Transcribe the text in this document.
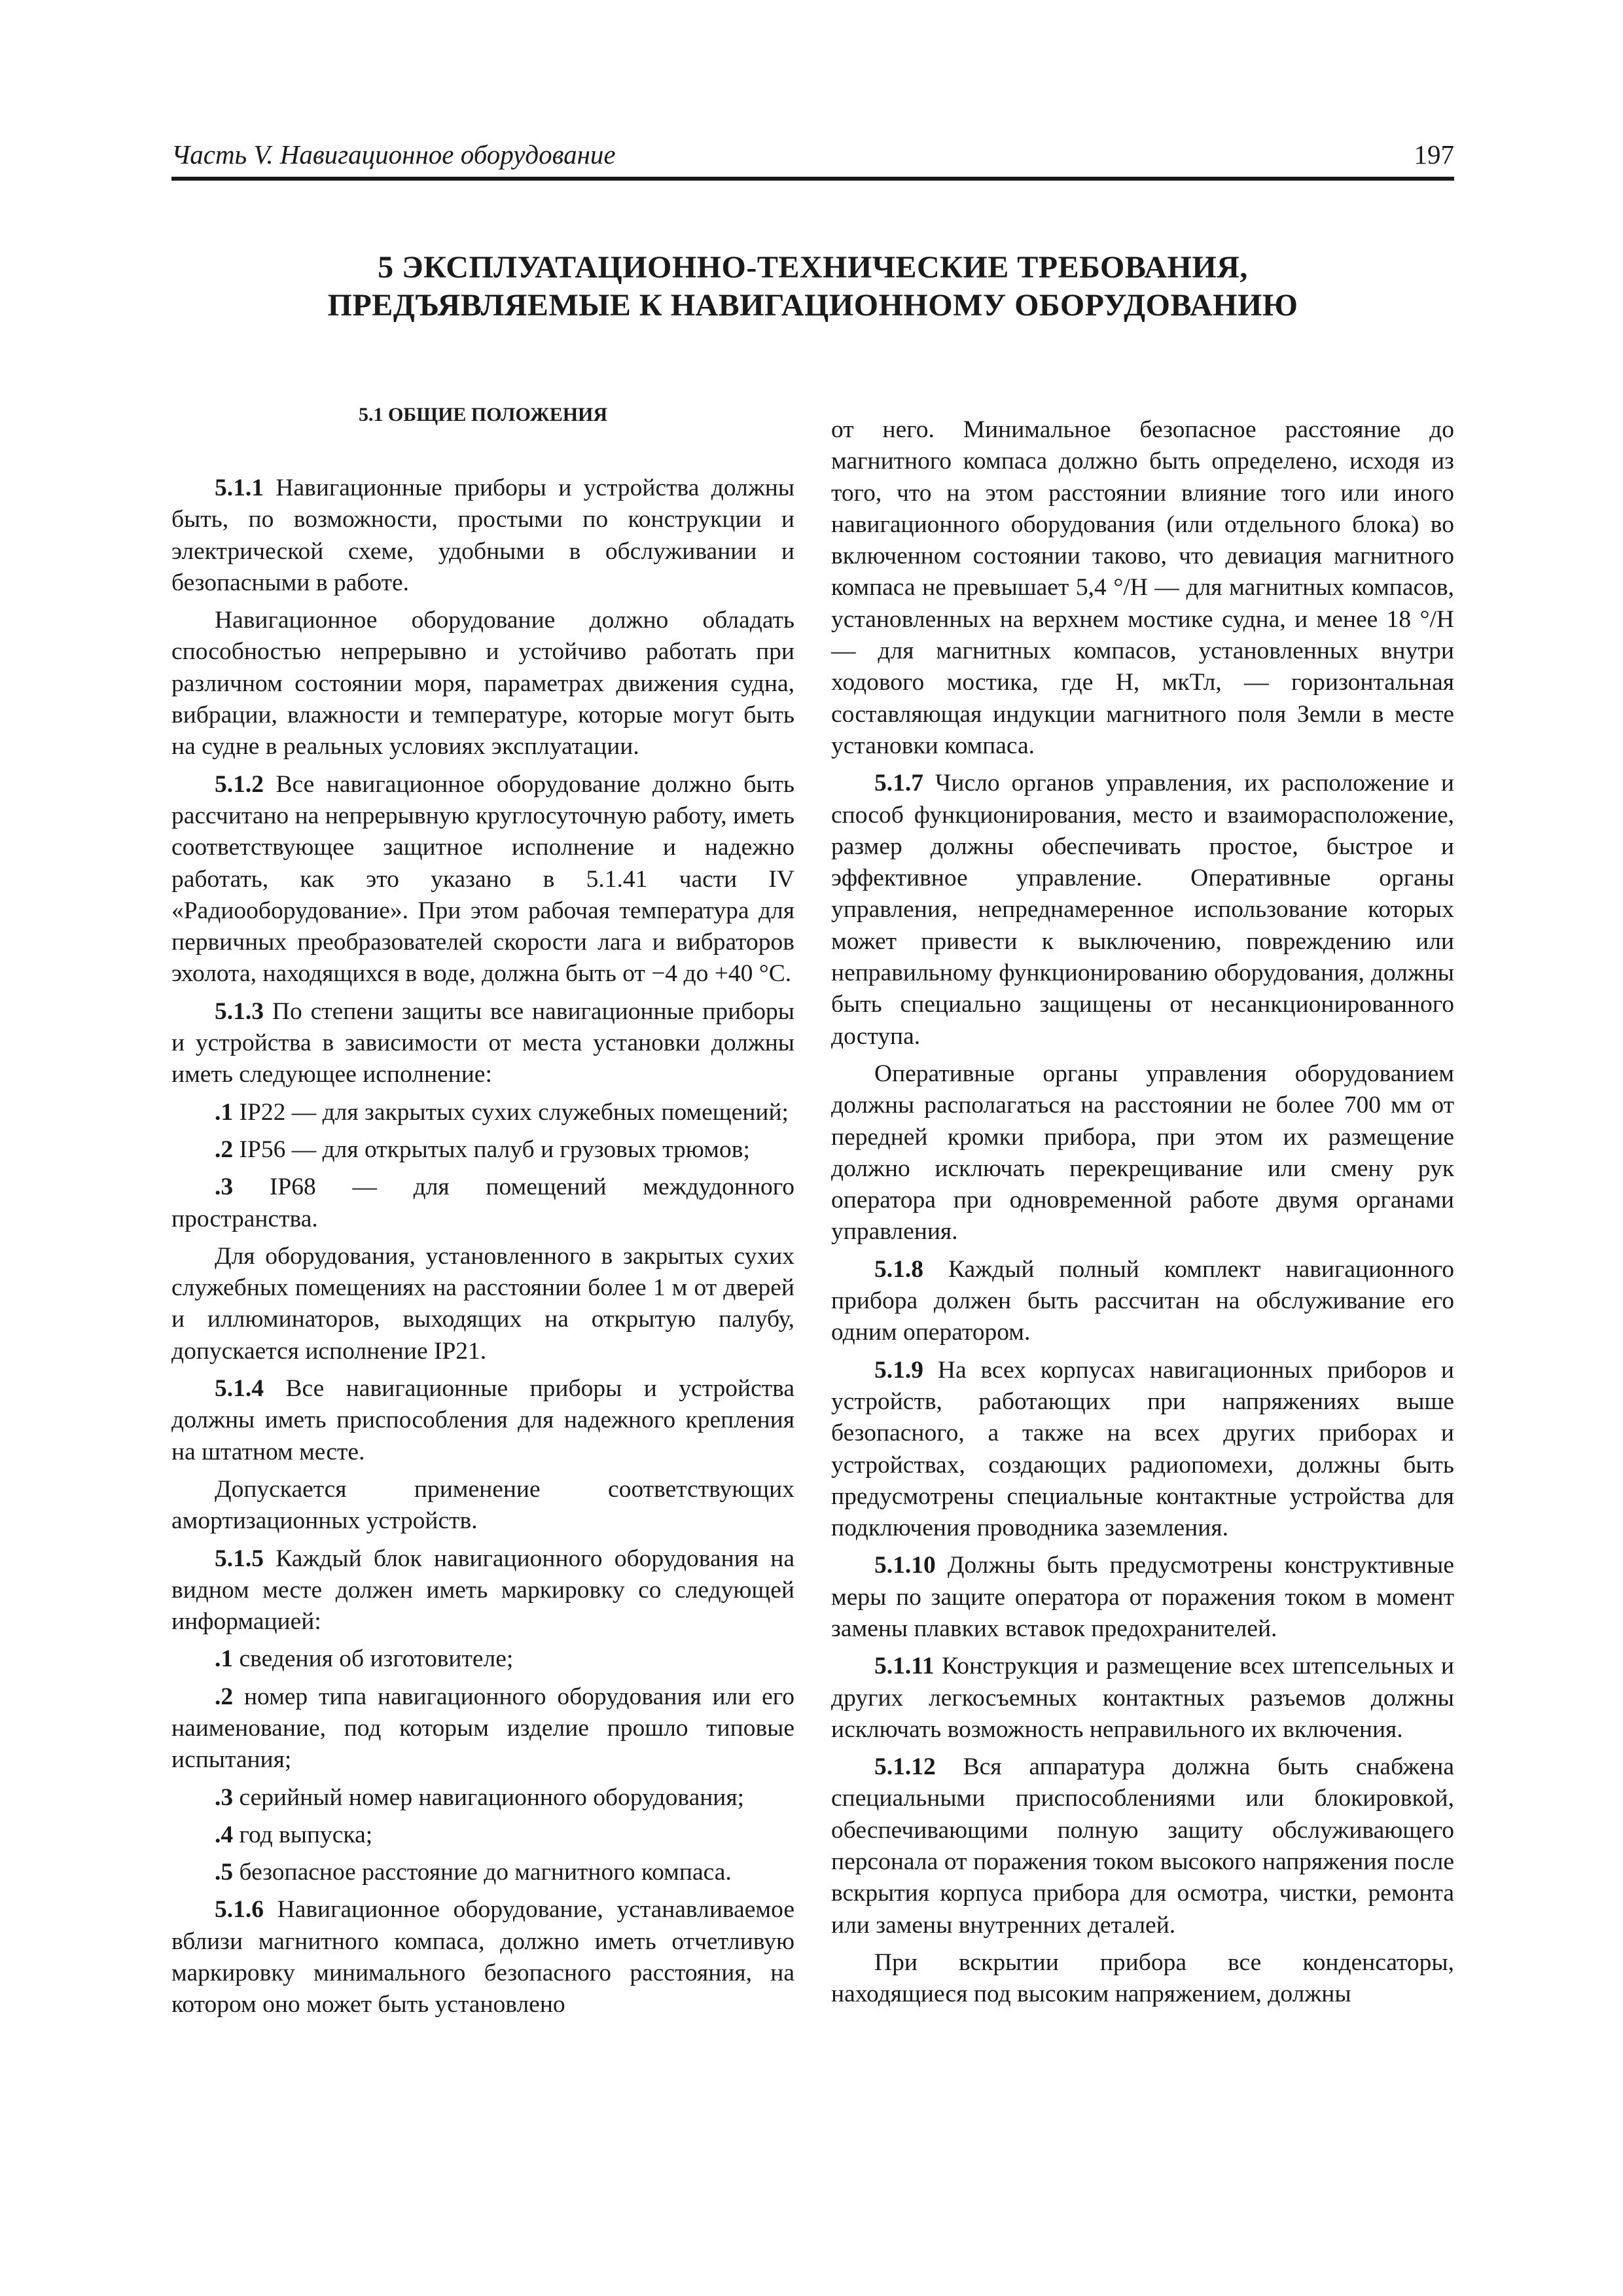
Часть V. Навигационное оборудование	197
5 ЭКСПЛУАТАЦИОННО-ТЕХНИЧЕСКИЕ ТРЕБОВАНИЯ,
ПРЕДЪЯВЛЯЕМЫЕ К НАВИГАЦИОННОМУ ОБОРУДОВАНИЮ
5.1 ОБЩИЕ ПОЛОЖЕНИЯ

5.1.1 Навигационные приборы и устройства должны быть, по возможности, простыми по конструкции и электрической схеме, удобными в обслуживании и безопасными в работе.

Навигационное оборудование должно обладать способностью непрерывно и устойчиво работать при различном состоянии моря, параметрах движения судна, вибрации, влажности и температуре, которые могут быть на судне в реальных условиях эксплуатации.

5.1.2 Все навигационное оборудование должно быть рассчитано на непрерывную круглосуточную работу, иметь соответствующее защитное исполнение и надежно работать, как это указано в 5.1.41 части IV «Радиооборудование». При этом рабочая температура для первичных преобразователей скорости лага и вибраторов эхолота, находящихся в воде, должна быть от −4 до +40 °С.

5.1.3 По степени защиты все навигационные приборы и устройства в зависимости от места установки должны иметь следующее исполнение:

.1 IP22 — для закрытых сухих служебных помещений;

.2 IP56 — для открытых палуб и грузовых трюмов;

.3 IP68 — для помещений междудонного пространства.

Для оборудования, установленного в закрытых сухих служебных помещениях на расстоянии более 1 м от дверей и иллюминаторов, выходящих на открытую палубу, допускается исполнение IP21.

5.1.4 Все навигационные приборы и устройства должны иметь приспособления для надежного крепления на штатном месте.

Допускается применение соответствующих амортизационных устройств.

5.1.5 Каждый блок навигационного оборудования на видном месте должен иметь маркировку со следующей информацией:

.1 сведения об изготовителе;

.2 номер типа навигационного оборудования или его наименование, под которым изделие прошло типовые испытания;

.3 серийный номер навигационного оборудования;

.4 год выпуска;

.5 безопасное расстояние до магнитного компаса.

5.1.6 Навигационное оборудование, устанавливаемое вблизи магнитного компаса, должно иметь отчетливую маркировку минимального безопасного расстояния, на котором оно может быть установлено

от него. Минимальное безопасное расстояние до магнитного компаса должно быть определено, исходя из того, что на этом расстоянии влияние того или иного навигационного оборудования (или отдельного блока) во включенном состоянии таково, что девиация магнитного компаса не превышает 5,4 °/H — для магнитных компасов, установленных на верхнем мостике судна, и менее 18 °/H — для магнитных компасов, установленных внутри ходового мостика, где H, мкТл, — горизонтальная составляющая индукции магнитного поля Земли в месте установки компаса.

5.1.7 Число органов управления, их расположение и способ функционирования, место и взаиморасположение, размер должны обеспечивать простое, быстрое и эффективное управление. Оперативные органы управления, непреднамеренное использование которых может привести к выключению, повреждению или неправильному функционированию оборудования, должны быть специально защищены от несанкционированного доступа.

Оперативные органы управления оборудованием должны располагаться на расстоянии не более 700 мм от передней кромки прибора, при этом их размещение должно исключать перекрещивание или смену рук оператора при одновременной работе двумя органами управления.

5.1.8 Каждый полный комплект навигационного прибора должен быть рассчитан на обслуживание его одним оператором.

5.1.9 На всех корпусах навигационных приборов и устройств, работающих при напряжениях выше безопасного, а также на всех других приборах и устройствах, создающих радиопомехи, должны быть предусмотрены специальные контактные устройства для подключения проводника заземления.

5.1.10 Должны быть предусмотрены конструктивные меры по защите оператора от поражения током в момент замены плавких вставок предохранителей.

5.1.11 Конструкция и размещение всех штепсельных и других легкосъемных контактных разъемов должны исключать возможность неправильного их включения.

5.1.12 Вся аппаратура должна быть снабжена специальными приспособлениями или блокировкой, обеспечивающими полную защиту обслуживающего персонала от поражения током высокого напряжения после вскрытия корпуса прибора для осмотра, чистки, ремонта или замены внутренних деталей.

При вскрытии прибора все конденсаторы, находящиеся под высоким напряжением, должны
